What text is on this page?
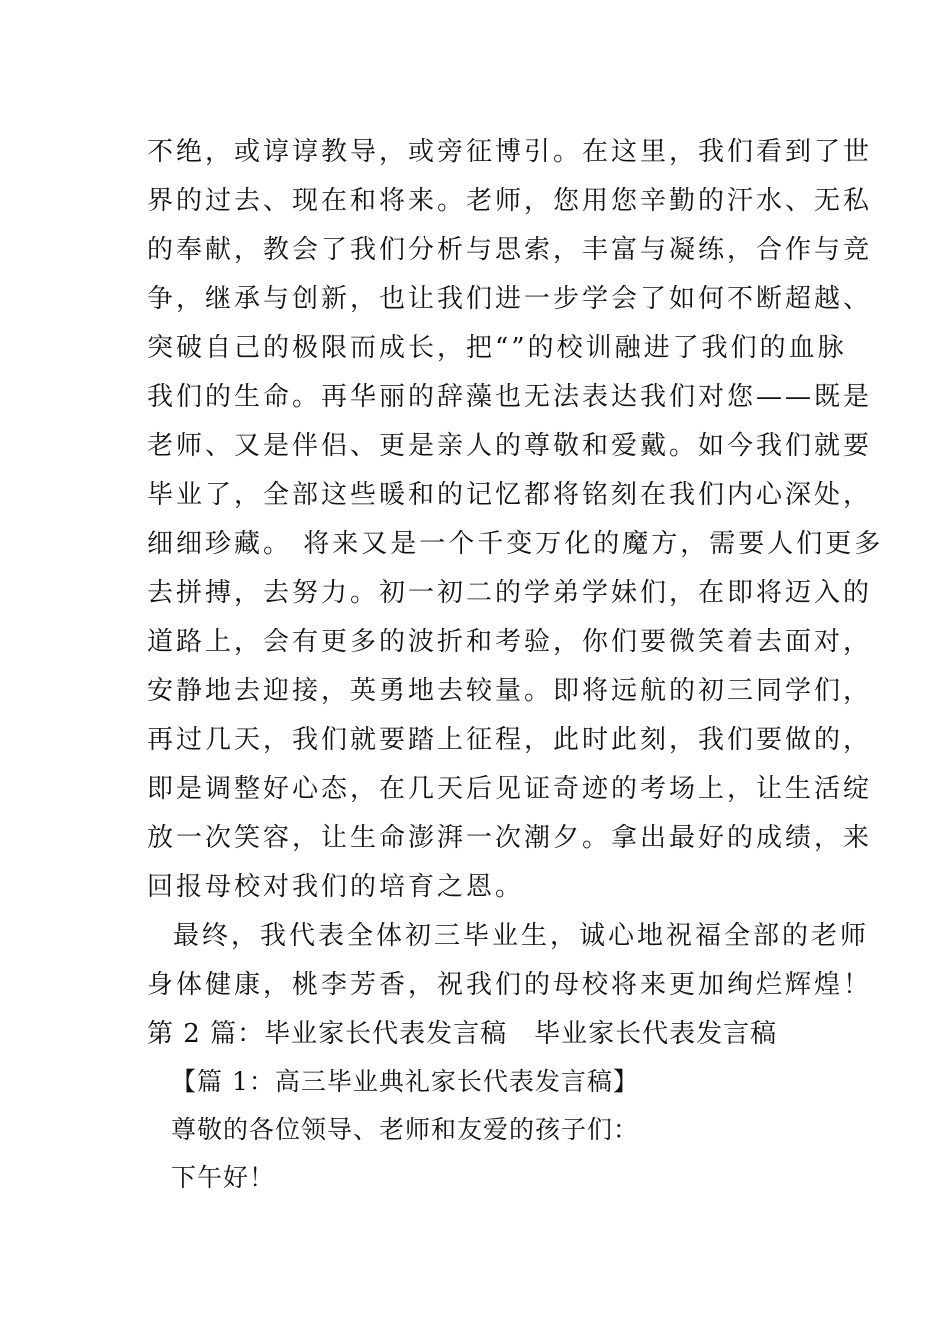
不绝，或谆谆教导，或旁征博引。在这里，我们看到了世
界的过去、现在和将来。老师，您用您辛勤的汗水、无私
的奉献，教会了我们分析与思索，丰富与凝练，合作与竞
争，继承与创新，也让我们进一步学会了如何不断超越、
突破自己的极限而成长，把“”的校训融进了我们的血脉
我们的生命。再华丽的辞藻也无法表达我们对您——既是
老师、又是伴侣、更是亲人的尊敬和爱戴。如今我们就要
毕业了，全部这些暖和的记忆都将铭刻在我们内心深处，
细细珍藏。 将来又是一个千变万化的魔方，需要人们更多
去拼搏，去努力。初一初二的学弟学妹们，在即将迈入的
道路上，会有更多的波折和考验，你们要微笑着去面对，
安静地去迎接，英勇地去较量。即将远航的初三同学们，
再过几天，我们就要踏上征程，此时此刻，我们要做的，
即是调整好心态，在几天后见证奇迹的考场上，让生活绽
放一次笑容，让生命澎湃一次潮夕。拿出最好的成绩，来
回报母校对我们的培育之恩。
最终，我代表全体初三毕业生，诚心地祝福全部的老师
身体健康，桃李芳香，祝我们的母校将来更加绚烂辉煌！
第 2 篇：毕业家长代表发言稿　毕业家长代表发言稿
【篇 1：高三毕业典礼家长代表发言稿】
尊敬的各位领导、老师和友爱的孩子们：
下午好！
